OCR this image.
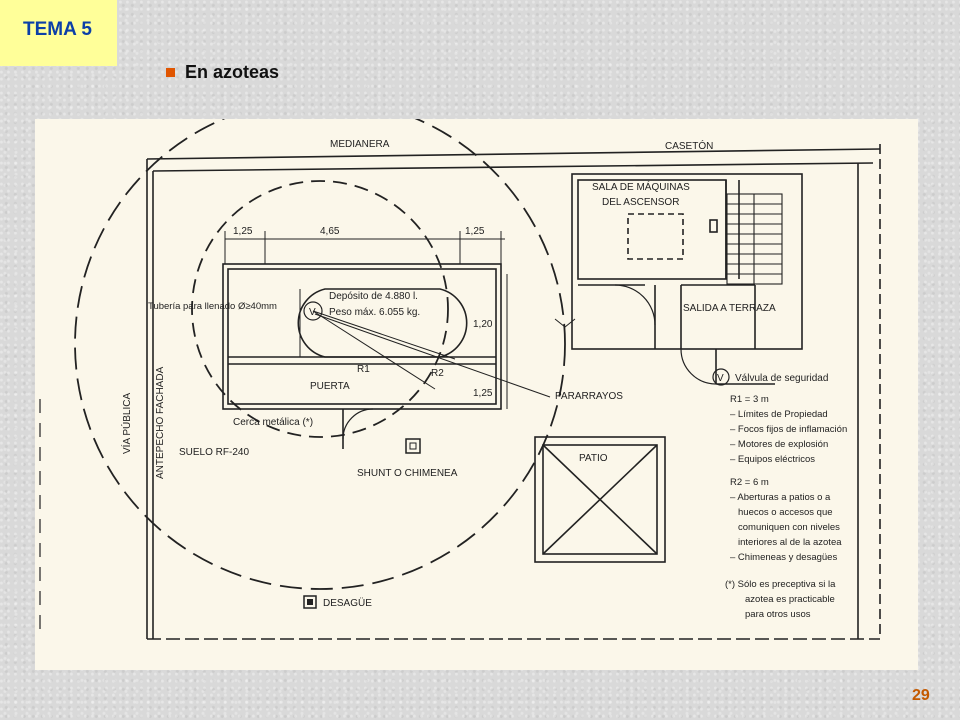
TEMA 5
En azoteas
MEDIANERA	CASETÓN
SALA DE MÁQUINAS
DEL ASCENSOR
SALIDA A TERRAZA
1,25	4,65	1,25
1,20
1,25
Tubería para llenado Ø≥40mm
Depósito de 4.880 l.
Peso máx. 6.055 kg.
V
R1	R2
PUERTA
PARARRAYOS
Cerca metálica (*)
SUELO RF-240
SHUNT O CHIMENEA
PATIO
DESAGÜE
V Válvula de seguridad
VÍA PÚBLICA ANTEPECHO FACHADA	R1 = 3 m
– Límites de Propiedad
– Focos fijos de inflamación
– Motores de explosión
– Equipos eléctricos
R2 = 6 m
– Aberturas a patios o a
huecos o accesos que
comuniquen con niveles
interiores al de la azotea
– Chimeneas y desagües
(*) Sólo es preceptiva si la
azotea es practicable
para otros usos
29
